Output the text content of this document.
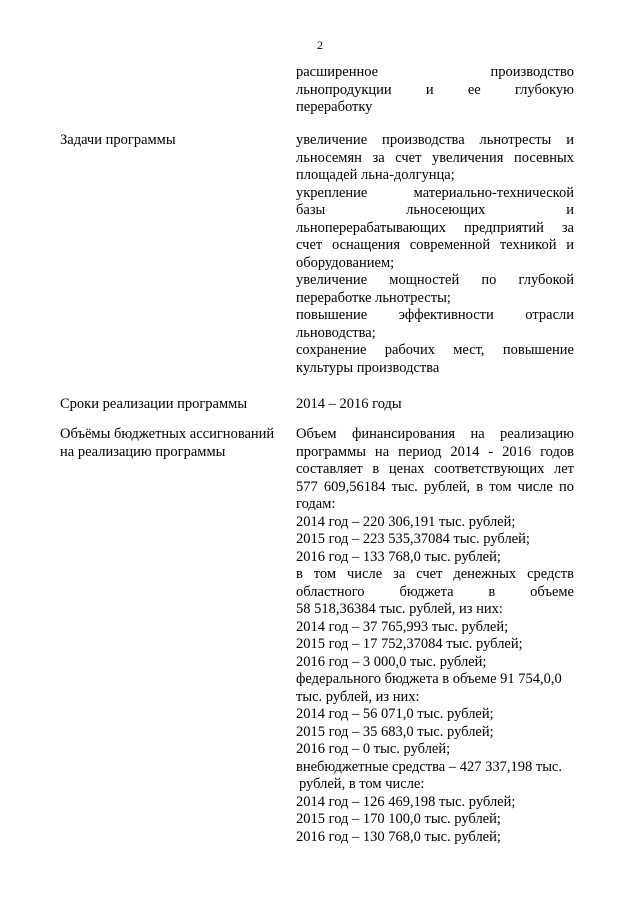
2
расширенное производство
льнопродукции и ее глубокую
переработку
Задачи программы	увеличение производства льнотресты и
льносемян за счет увеличения посевных
площадей льна-долгунца;
укрепление материально-технической
базы льносеющих и
льноперерабатывающих предприятий за
счет оснащения современной техникой и
оборудованием;
увеличение мощностей по глубокой
переработке льнотресты;
повышение эффективности отрасли
льноводства;
сохранение рабочих мест, повышение
культуры производства
Сроки реализации программы	2014 – 2016 годы
Объёмы бюджетных ассигнований
на реализацию программы
Объем финансирования на реализацию
программы на период 2014 - 2016 годов
составляет в ценах соответствующих лет
577 609,56184 тыс. рублей, в том числе по
годам:
2014 год – 220 306,191 тыс. рублей;
2015 год – 223 535,37084 тыс. рублей;
2016 год – 133 768,0 тыс. рублей;
в том числе за счет денежных средств
областного бюджета в объеме
58 518,36384 тыс. рублей, из них:
2014 год – 37 765,993 тыс. рублей;
2015 год – 17 752,37084 тыс. рублей;
2016 год – 3 000,0 тыс. рублей;
федерального бюджета в объеме 91 754,0,0
тыс. рублей, из них:
2014 год – 56 071,0 тыс. рублей;
2015 год – 35 683,0 тыс. рублей;
2016 год – 0 тыс. рублей;
внебюджетные средства – 427 337,198 тыс.
рублей, в том числе:
2014 год – 126 469,198 тыс. рублей;
2015 год – 170 100,0 тыс. рублей;
2016 год – 130 768,0 тыс. рублей;
